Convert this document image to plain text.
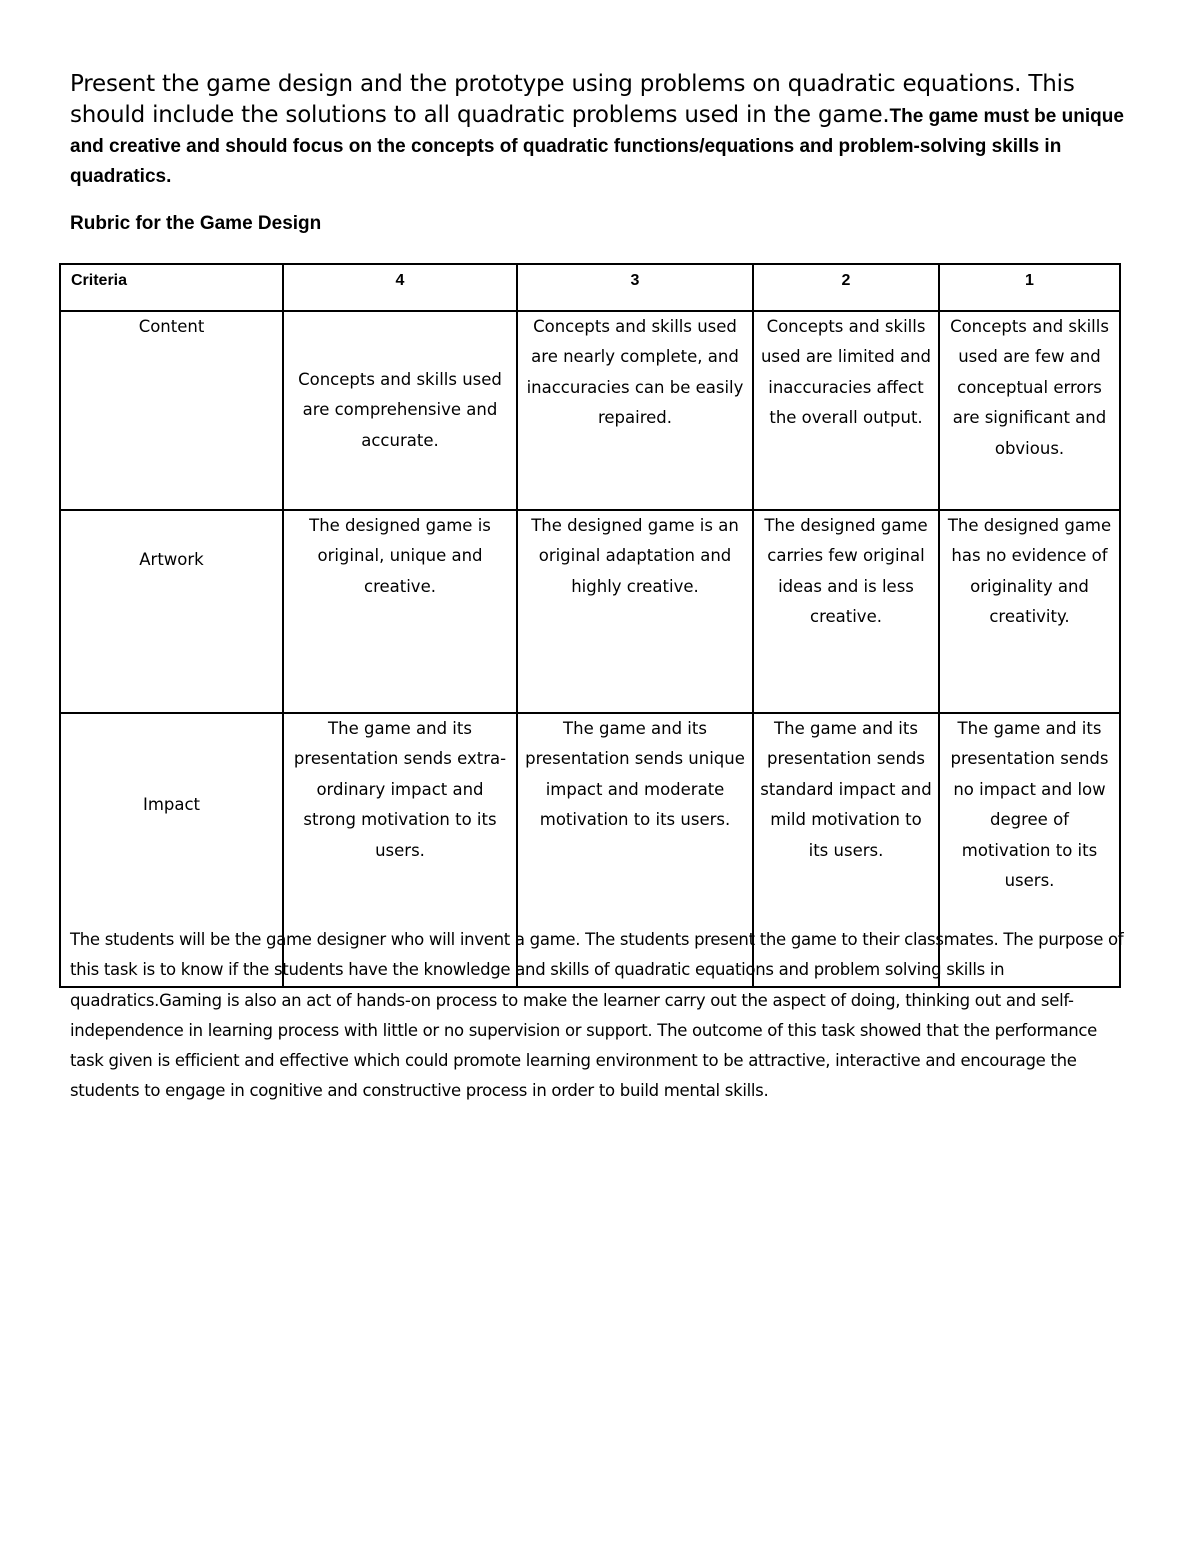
Present the game design and the prototype using problems on quadratic equations. This should include the solutions to all quadratic problems used in the game.The game must be unique and creative and should focus on the concepts of quadratic functions/equations and problem-solving skills in quadratics.

Rubric for the Game Design
Criteria	4	3	2	1
Content	Concepts and skills used are comprehensive and accurate.	Concepts and skills used are nearly complete, and inaccuracies can be easily repaired.	Concepts and skills used are limited and inaccuracies affect the overall output.	Concepts and skills used are few and conceptual errors are significant and obvious.
Artwork	The designed game is original, unique and creative.	The designed game is an original adaptation and highly creative.	The designed game carries few original ideas and is less creative.	The designed game has no evidence of originality and creativity.
Impact	The game and its presentation sends extra-ordinary impact and strong motivation to its users.	The game and its presentation sends unique impact and moderate motivation to its users.	The game and its presentation sends standard impact and mild motivation to its users.	The game and its presentation sends no impact and low degree of motivation to its users.

The students will be the game designer who will invent a game. The students present the game to their classmates. The purpose of this task is to know if the students have the knowledge and skills of quadratic equations and problem solving skills in quadratics.Gaming is also an act of hands-on process to make the learner carry out the aspect of doing, thinking out and self-independence in learning process with little or no supervision or support. The outcome of this task showed that the performance task given is efficient and effective which could promote learning environment to be attractive, interactive and encourage the students to engage in cognitive and constructive process in order to build mental skills.
